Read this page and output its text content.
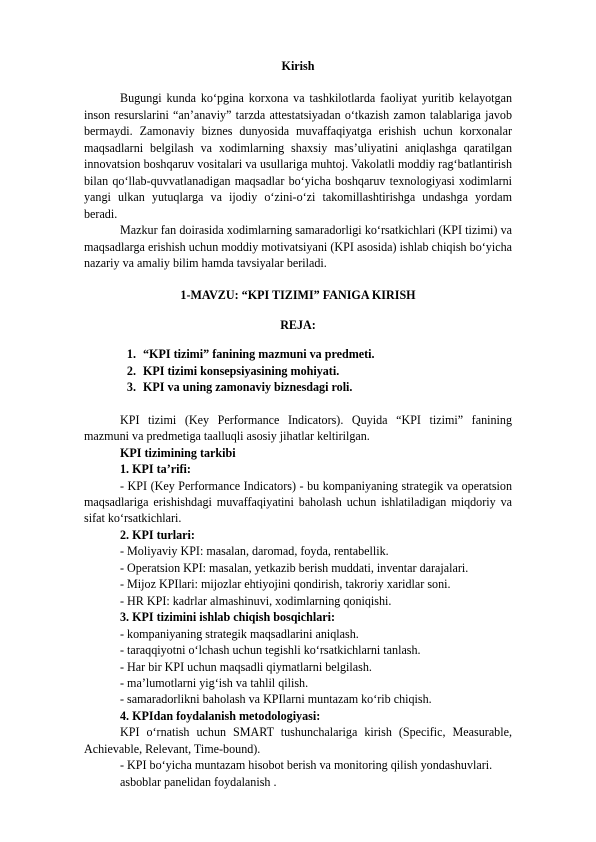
Kirish

Bugungi kunda ko‘pgina korxona va tashkilotlarda faoliyat yuritib kelayotgan inson resurslarini “an’anaviy” tarzda attestatsiyadan o‘tkazish zamon talablariga javob bermaydi. Zamonaviy biznes dunyosida muvaffaqiyatga erishish uchun korxonalar maqsadlarni belgilash va xodimlarning shaxsiy mas’uliyatini aniqlashga qaratilgan innovatsion boshqaruv vositalari va usullariga muhtoj. Vakolatli moddiy rag‘batlantirish bilan qo‘llab-quvvatlanadigan maqsadlar bo‘yicha boshqaruv texnologiyasi xodimlarni yangi ulkan yutuqlarga va ijodiy o‘zini-o‘zi takomillashtirishga undashga yordam beradi.

Mazkur fan doirasida xodimlarning samaradorligi ko‘rsatkichlari (KPI tizimi) va maqsadlarga erishish uchun moddiy motivatsiyani (KPI asosida) ishlab chiqish bo‘yicha nazariy va amaliy bilim hamda tavsiyalar beriladi.

1-MAVZU: “KPI TIZIMI” FANIGA KIRISH
REJA:
1. “KPI tizimi” fanining mazmuni va predmeti.
2. KPI tizimi konsepsiyasining mohiyati.
3. KPI va uning zamonaviy biznesdagi roli.

KPI tizimi (Key Performance Indicators). Quyida “KPI tizimi” fanining mazmuni va predmetiga taalluqli asosiy jihatlar keltirilgan.

KPI tizimining tarkibi

1. KPI ta’rifi:

- KPI (Key Performance Indicators) - bu kompaniyaning strategik va operatsion maqsadlariga erishishdagi muvaffaqiyatini baholash uchun ishlatiladigan miqdoriy va sifat ko‘rsatkichlari.

2. KPI turlari:

- Moliyaviy KPI: masalan, daromad, foyda, rentabellik.

- Operatsion KPI: masalan, yetkazib berish muddati, inventar darajalari.

- Mijoz KPIlari: mijozlar ehtiyojini qondirish, takroriy xaridlar soni.

- HR KPI: kadrlar almashinuvi, xodimlarning qoniqishi.

3. KPI tizimini ishlab chiqish bosqichlari:

- kompaniyaning strategik maqsadlarini aniqlash.

- taraqqiyotni o‘lchash uchun tegishli ko‘rsatkichlarni tanlash.

- Har bir KPI uchun maqsadli qiymatlarni belgilash.

- ma’lumotlarni yig‘ish va tahlil qilish.

- samaradorlikni baholash va KPIlarni muntazam ko‘rib chiqish.

4. KPIdan foydalanish metodologiyasi:

KPI o‘rnatish uchun SMART tushunchalariga kirish (Specific, Measurable, Achievable, Relevant, Time-bound).

- KPI bo‘yicha muntazam hisobot berish va monitoring qilish yondashuvlari.

asboblar panelidan foydalanish .
